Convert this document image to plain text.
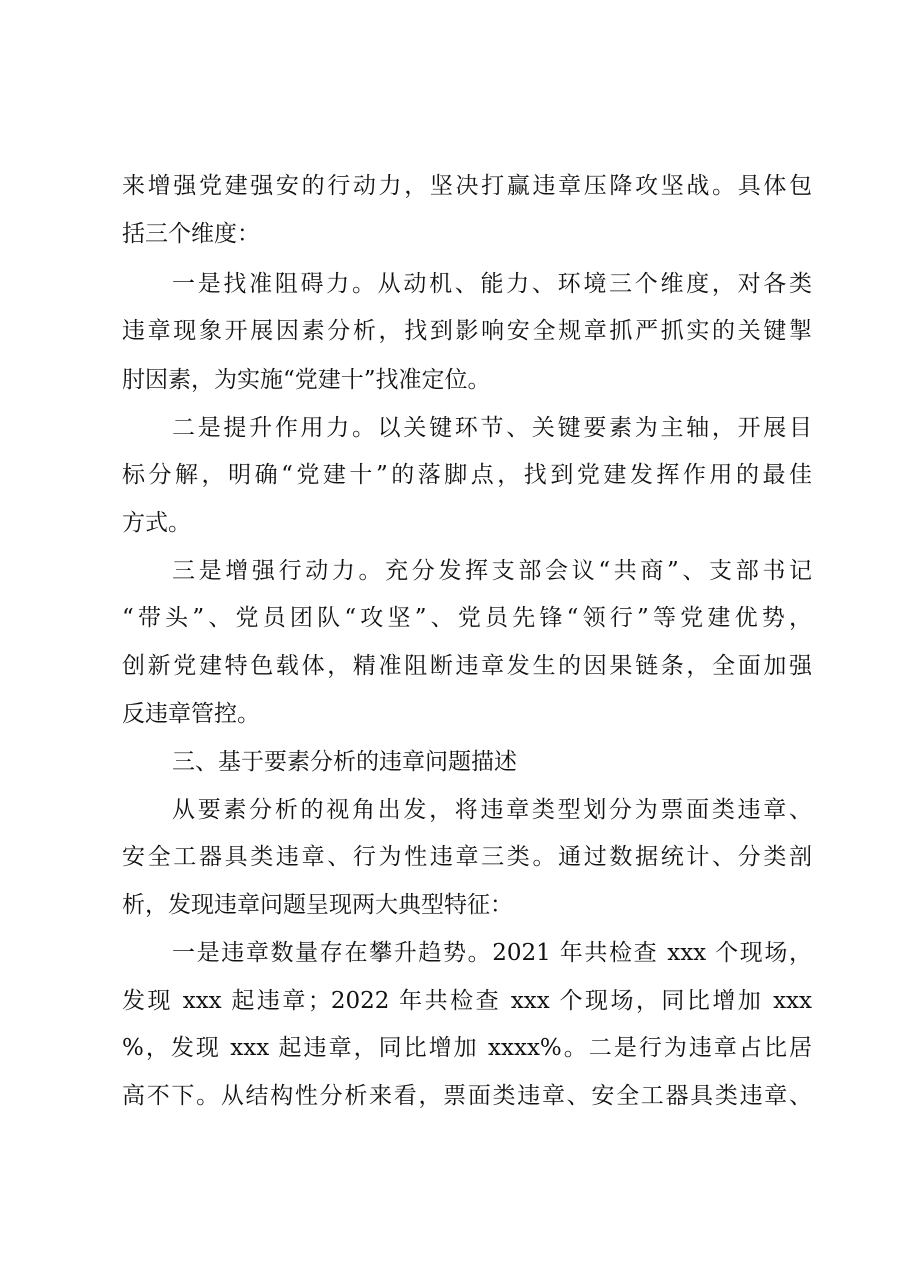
来增强党建强安的行动力，坚决打赢违章压降攻坚战。具体包
括三个维度：
一是找准阻碍力。从动机、能力、环境三个维度，对各类
违章现象开展因素分析，找到影响安全规章抓严抓实的关键掣
肘因素，为实施“党建十”找准定位。
二是提升作用力。以关键环节、关键要素为主轴，开展目
标分解，明确“党建十”的落脚点，找到党建发挥作用的最佳
方式。
三是增强行动力。充分发挥支部会议“共商”、支部书记
“带头”、党员团队“攻坚”、党员先锋“领行”等党建优势，
创新党建特色载体，精准阻断违章发生的因果链条，全面加强
反违章管控。
三、基于要素分析的违章问题描述
从要素分析的视角出发，将违章类型划分为票面类违章、
安全工器具类违章、行为性违章三类。通过数据统计、分类剖
析，发现违章问题呈现两大典型特征：
一是违章数量存在攀升趋势。2021 年共检查 xxx 个现场，
发现 xxx 起违章；2022 年共检查 xxx 个现场，同比增加 xxx
%，发现 xxx 起违章，同比增加 xxxx%。二是行为违章占比居
高不下。从结构性分析来看，票面类违章、安全工器具类违章、
